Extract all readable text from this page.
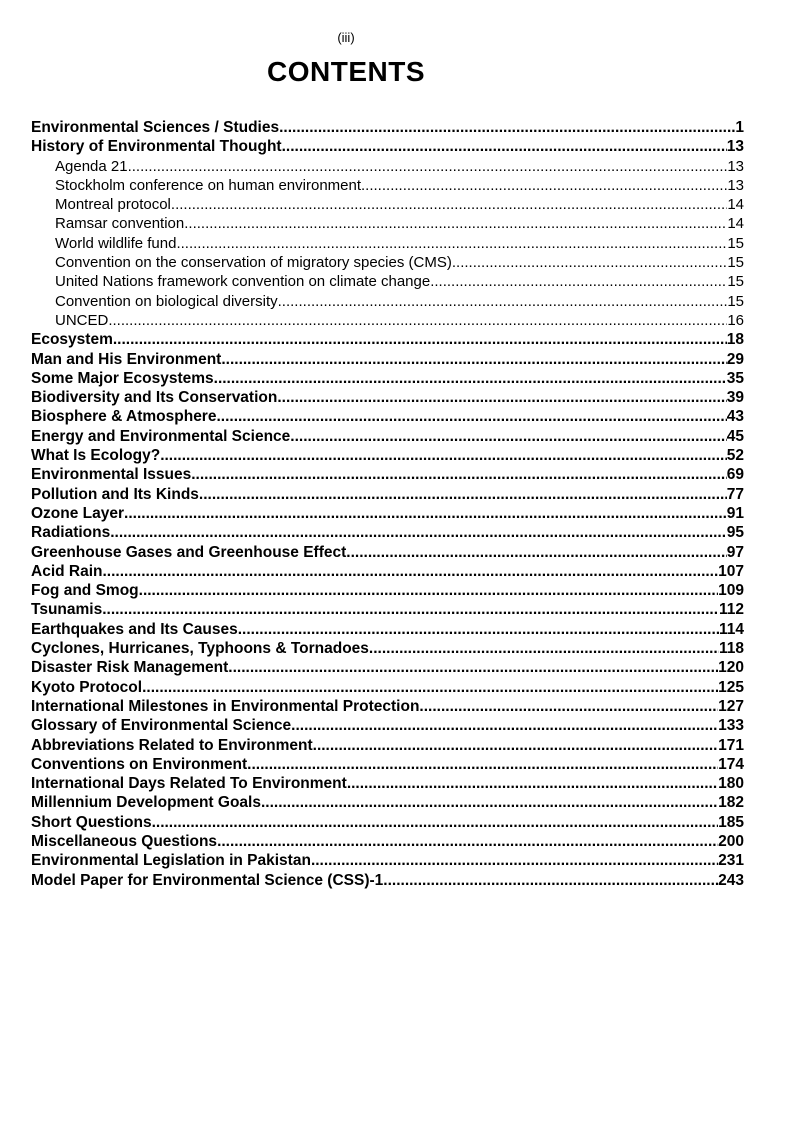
(iii)
CONTENTS
Environmental Sciences / Studies .....	1
History of Environmental Thought .....	13
Agenda 21 .....	13
Stockholm conference on human environment .....	13
Montreal protocol .....	14
Ramsar convention .....	14
World wildlife fund .....	15
Convention on the conservation of migratory species (CMS) .....	15
United Nations framework convention on climate change .....	15
Convention on biological diversity .....	15
UNCED .....	16
Ecosystem .....	18
Man and His Environment .....	29
Some Major Ecosystems .....	35
Biodiversity and Its Conservation .....	39
Biosphere & Atmosphere .....	43
Energy and Environmental Science .....	45
What Is Ecology? .....	52
Environmental Issues .....	69
Pollution and Its Kinds .....	77
Ozone Layer .....	91
Radiations .....	95
Greenhouse Gases and Greenhouse Effect .....	97
Acid Rain .....	107
Fog and Smog .....	109
Tsunamis .....	112
Earthquakes and Its Causes .....	114
Cyclones, Hurricanes, Typhoons & Tornadoes .....	118
Disaster Risk Management .....	120
Kyoto Protocol .....	125
International Milestones in Environmental Protection .....	127
Glossary of Environmental Science .....	133
Abbreviations Related to Environment .....	171
Conventions on Environment .....	174
International Days Related To Environment .....	180
Millennium Development Goals .....	182
Short Questions .....	185
Miscellaneous Questions .....	200
Environmental Legislation in Pakistan .....	231
Model Paper for Environmental Science (CSS)-1 .....	243
